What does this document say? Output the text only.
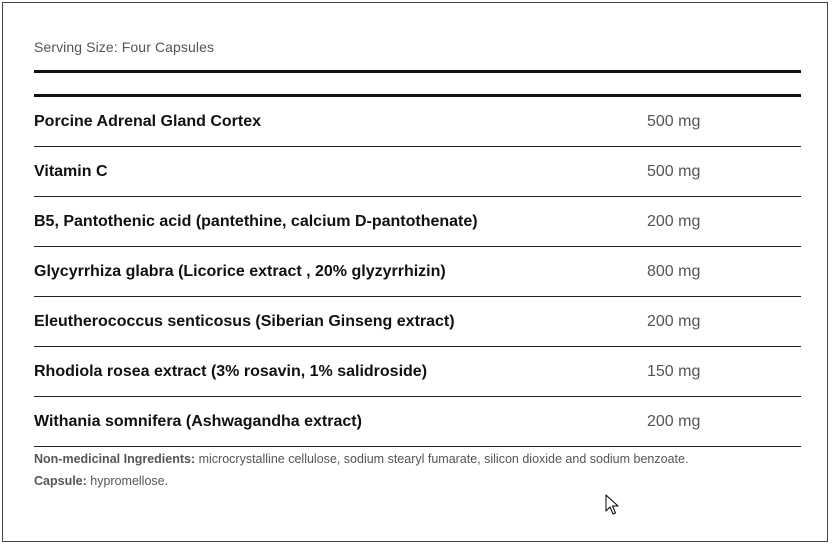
Serving Size: Four Capsules
Porcine Adrenal Gland Cortex	500 mg
Vitamin C	500 mg
B5, Pantothenic acid (pantethine, calcium D-pantothenate)	200 mg
Glycyrrhiza glabra (Licorice extract , 20% glyzyrrhizin)	800 mg
Eleutherococcus senticosus (Siberian Ginseng extract)	200 mg
Rhodiola rosea extract (3% rosavin, 1% salidroside)	150 mg
Withania somnifera (Ashwagandha extract)	200 mg
Non-medicinal Ingredients: microcrystalline cellulose, sodium stearyl fumarate, silicon dioxide and sodium benzoate.
Capsule: hypromellose.
